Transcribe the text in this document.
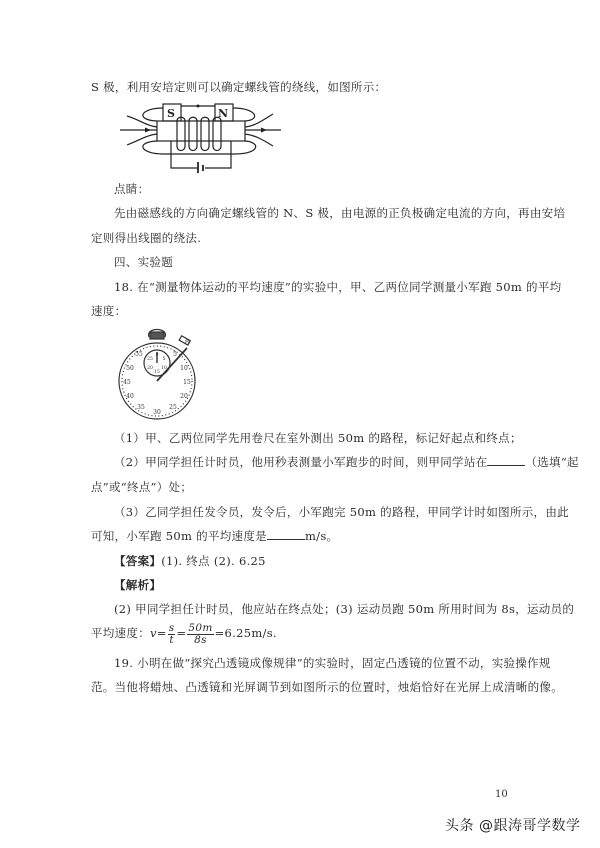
S 极，利用安培定则可以确定螺线管的绕线，如图所示：
S	N
点睛：
先由磁感线的方向确定螺线管的 N、S 极，由电源的正负极确定电流的方向，再由安培
定则得出线圈的绕法.
四、实验题
18. 在“测量物体运动的平均速度”的实验中，甲、乙两位同学测量小军跑 50m 的平均
速度：
8
5
10
15
20
25
30
35
40
45
50
55
25
0
5
10
15
20
（1）甲、乙两位同学先用卷尺在室外测出 50m 的路程，标记好起点和终点；
（2）甲同学担任计时员，他用秒表测量小军跑步的时间，则甲同学站在	（选填“起
点”或“终点”）处；
（3）乙同学担任发令员，发令后，小军跑完 50m 的路程，甲同学计时如图所示，由此
可知，小军跑 50m 的平均速度是	m/s。
【答案】(1). 终点 (2). 6.25
【解析】
(2) 甲同学担任计时员，他应站在终点处；(3) 运动员跑 50m 所用时间为 8s，运动员的
平均速度：$v= \frac{s}{t} = \frac{50m}{8s} =6.25m/s$.
19. 小明在做“探究凸透镜成像规律”的实验时，固定凸透镜的位置不动，实验操作规
范。当他将蜡烛、凸透镜和光屏调节到如图所示的位置时，烛焰恰好在光屏上成清晰的像。
10
头条 @跟涛哥学数学
